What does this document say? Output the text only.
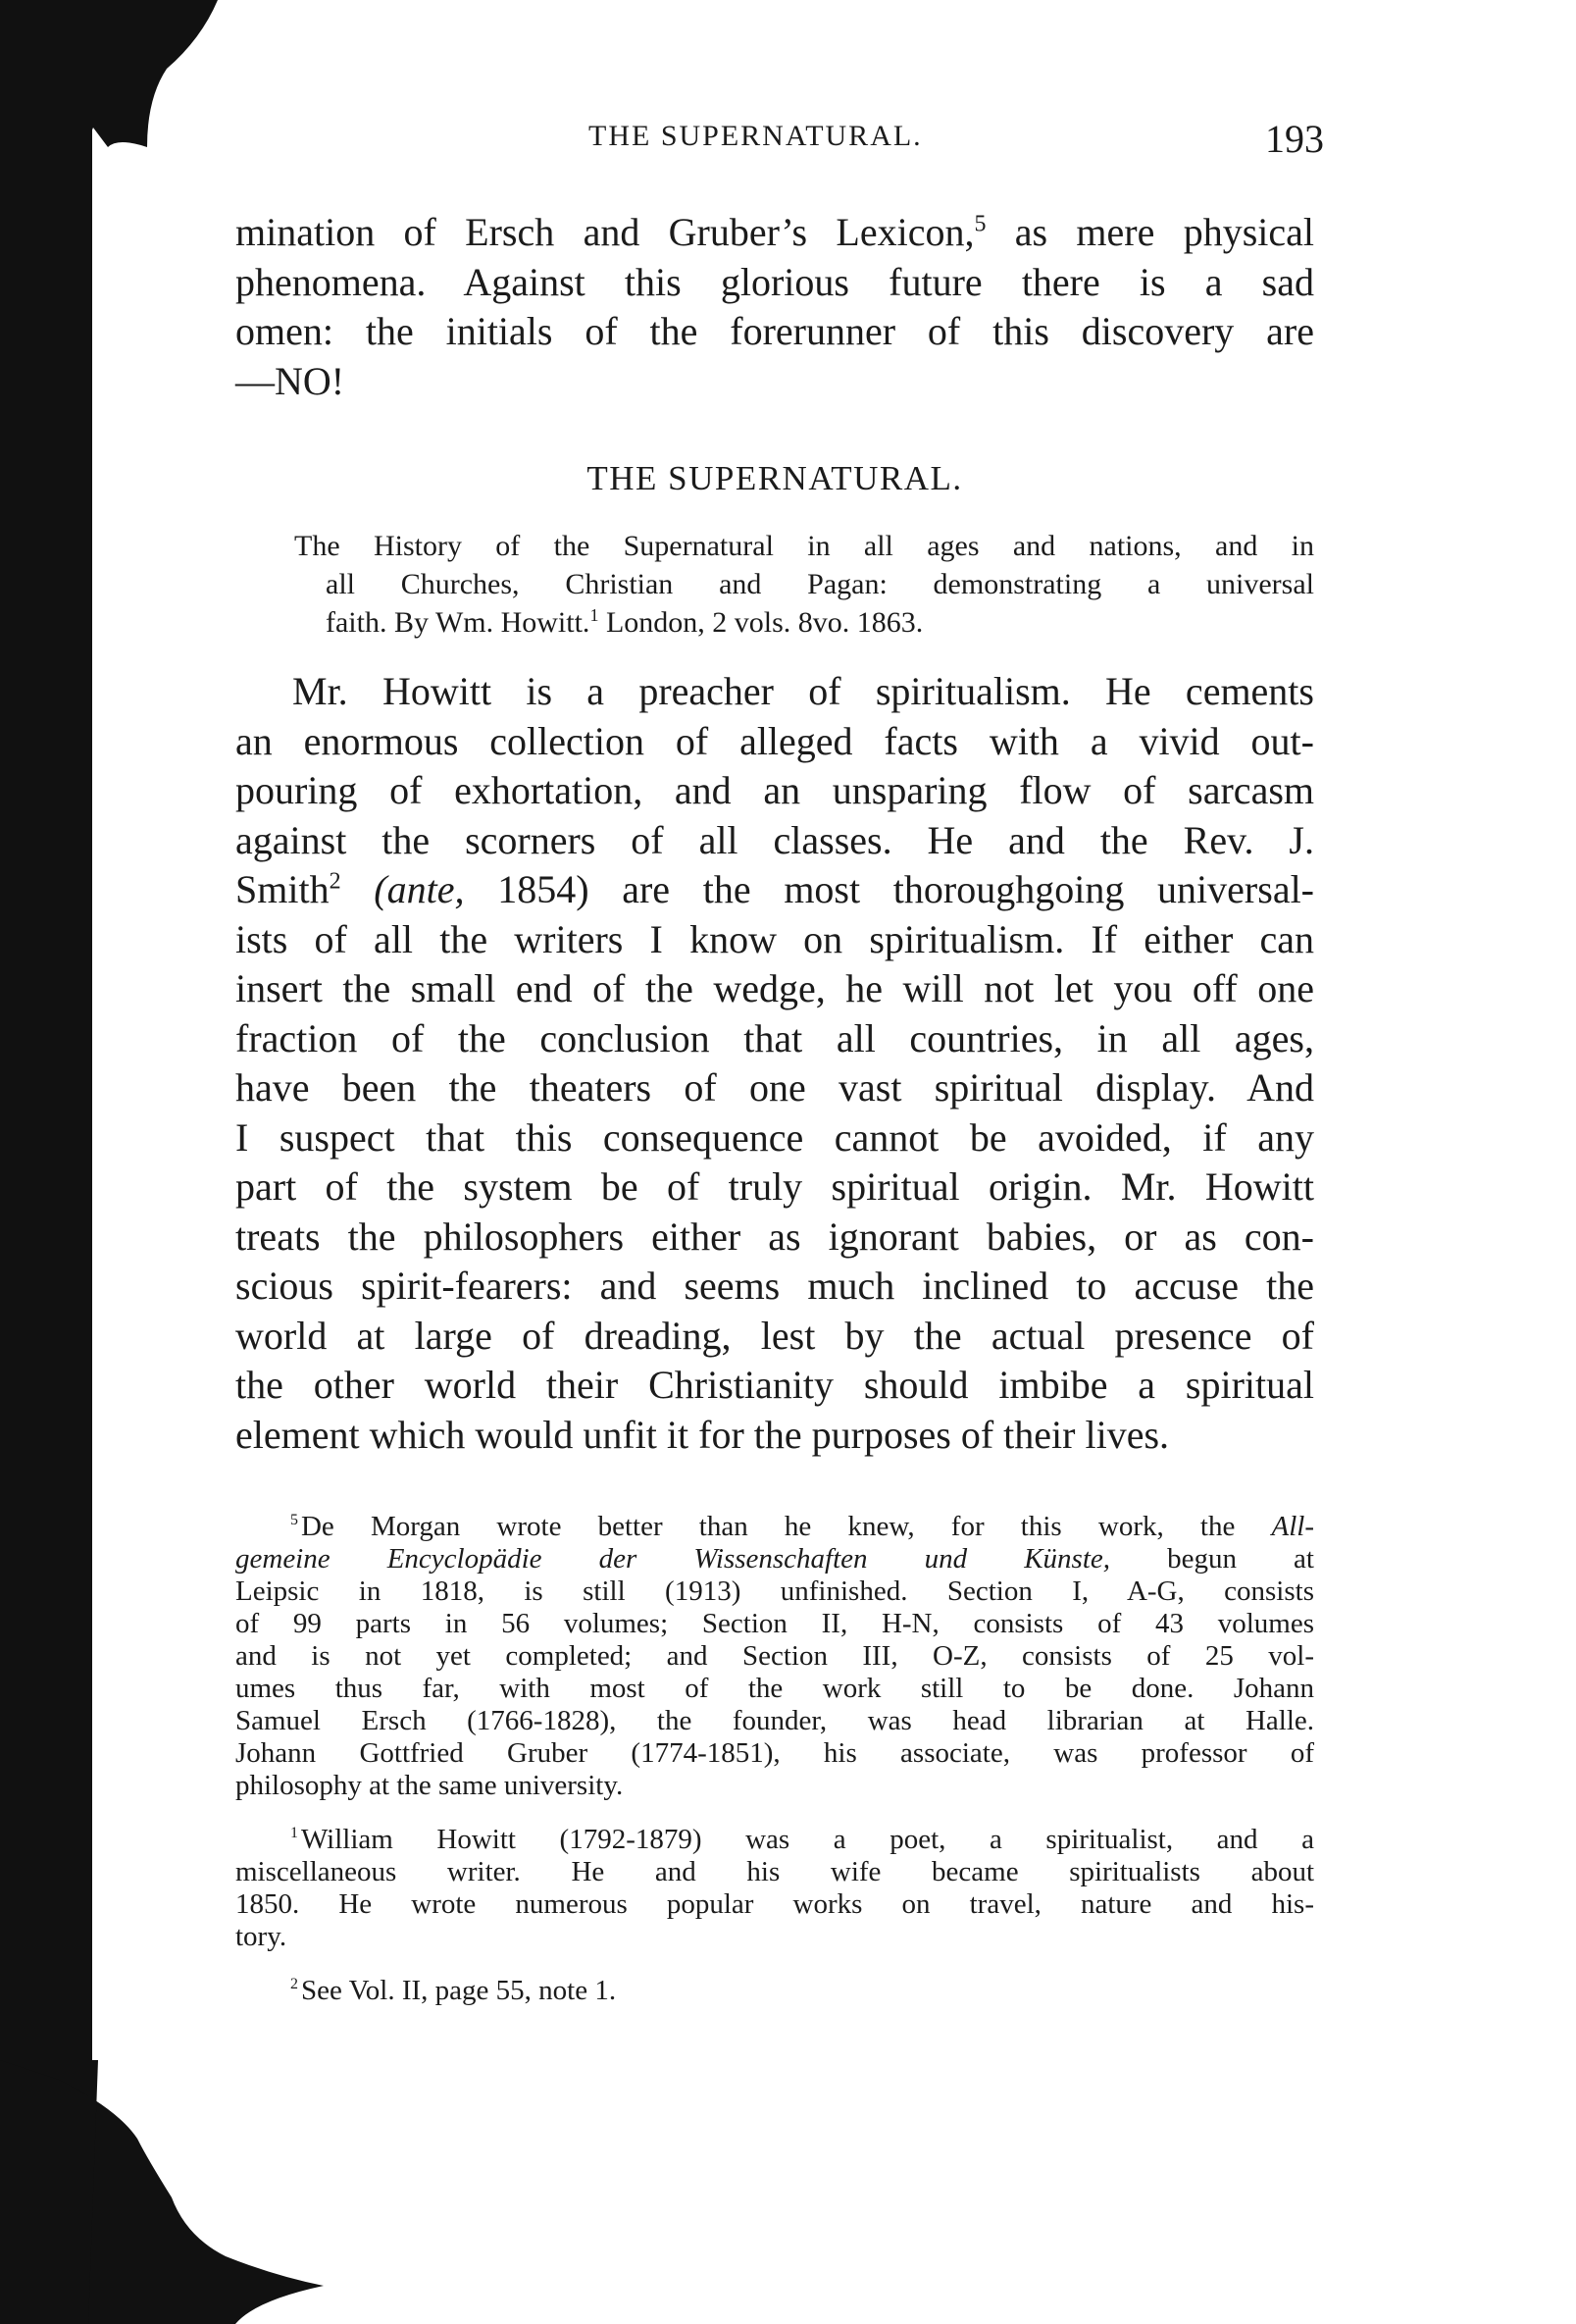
THE SUPERNATURAL.	193
mination of Ersch and Gruber’s Lexicon,$^5$ as mere physical
phenomena. Against this glorious future there is a sad
omen: the initials of the forerunner of this discovery are
—NO!
THE SUPERNATURAL.
The History of the Supernatural in all ages and nations, and in
all Churches, Christian and Pagan: demonstrating a universal
faith. By Wm. Howitt.$^1$ London, 2 vols. 8vo. 1863.
Mr. Howitt is a preacher of spiritualism. He cements
an enormous collection of alleged facts with a vivid out-
pouring of exhortation, and an unsparing flow of sarcasm
against the scorners of all classes. He and the Rev. J.
Smith$^2$ (ante, 1854) are the most thoroughgoing universal-
ists of all the writers I know on spiritualism. If either can
insert the small end of the wedge, he will not let you off one
fraction of the conclusion that all countries, in all ages,
have been the theaters of one vast spiritual display. And
I suspect that this consequence cannot be avoided, if any
part of the system be of truly spiritual origin. Mr. Howitt
treats the philosophers either as ignorant babies, or as con-
scious spirit-fearers: and seems much inclined to accuse the
world at large of dreading, lest by the actual presence of
the other world their Christianity should imbibe a spiritual
element which would unfit it for the purposes of their lives.
$^5$ De Morgan wrote better than he knew, for this work, the All-
gemeine Encyclopädie der Wissenschaften und Künste, begun at
Leipsic in 1818, is still (1913) unfinished. Section I, A-G, consists
of 99 parts in 56 volumes; Section II, H-N, consists of 43 volumes
and is not yet completed; and Section III, O-Z, consists of 25 vol-
umes thus far, with most of the work still to be done. Johann
Samuel Ersch (1766-1828), the founder, was head librarian at Halle.
Johann Gottfried Gruber (1774-1851), his associate, was professor of
philosophy at the same university.
$^1$ William Howitt (1792-1879) was a poet, a spiritualist, and a
miscellaneous writer. He and his wife became spiritualists about
1850. He wrote numerous popular works on travel, nature and his-
tory.
$^2$ See Vol. II, page 55, note 1.
